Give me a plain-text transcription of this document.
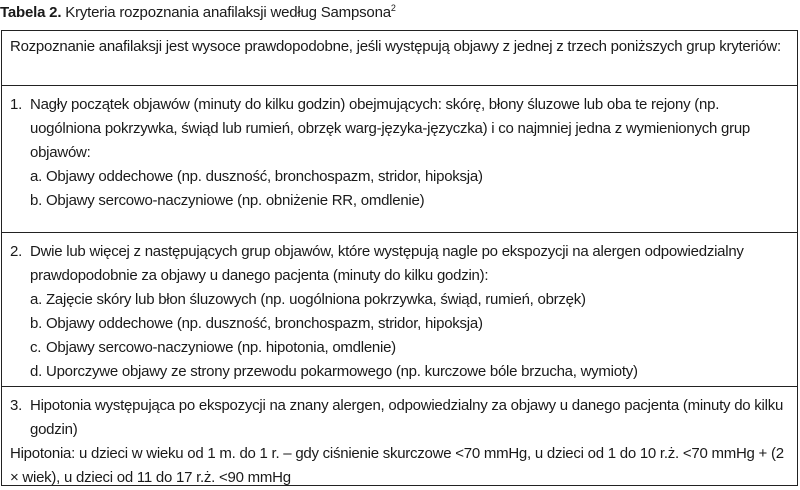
Tabela 2. Kryteria rozpoznania anafilaksji według Sampsona$^2$
Rozpoznanie anafilaksji jest wysoce prawdopodobne, jeśli występują objawy z jednej z trzech poniższych grup kryteriów:
1. Nagły początek objawów (minuty do kilku godzin) obejmujących: skórę, błony śluzowe lub oba te rejony (np. uogólniona pokrzywka, świąd lub rumień, obrzęk warg-języka-języczka) i co najmniej jedna z wymienionych grup objawów:
a. Objawy oddechowe (np. duszność, bronchospazm, stridor, hipoksja)
b. Objawy sercowo-naczyniowe (np. obniżenie RR, omdlenie)
2. Dwie lub więcej z następujących grup objawów, które występują nagle po ekspozycji na alergen odpowiedzialny prawdopodobnie za objawy u danego pacjenta (minuty do kilku godzin):
a. Zajęcie skóry lub błon śluzowych (np. uogólniona pokrzywka, świąd, rumień, obrzęk)
b. Objawy oddechowe (np. duszność, bronchospazm, stridor, hipoksja)
c. Objawy sercowo-naczyniowe (np. hipotonia, omdlenie)
d. Uporczywe objawy ze strony przewodu pokarmowego (np. kurczowe bóle brzucha, wymioty)
3. Hipotonia występująca po ekspozycji na znany alergen, odpowiedzialny za objawy u danego pacjenta (minuty do kilku godzin)
Hipotonia: u dzieci w wieku od 1 m. do 1 r. – gdy ciśnienie skurczowe <70 mmHg, u dzieci od 1 do 10 r.ż. <70 mmHg + (2 × wiek), u dzieci od 11 do 17 r.ż. <90 mmHg
